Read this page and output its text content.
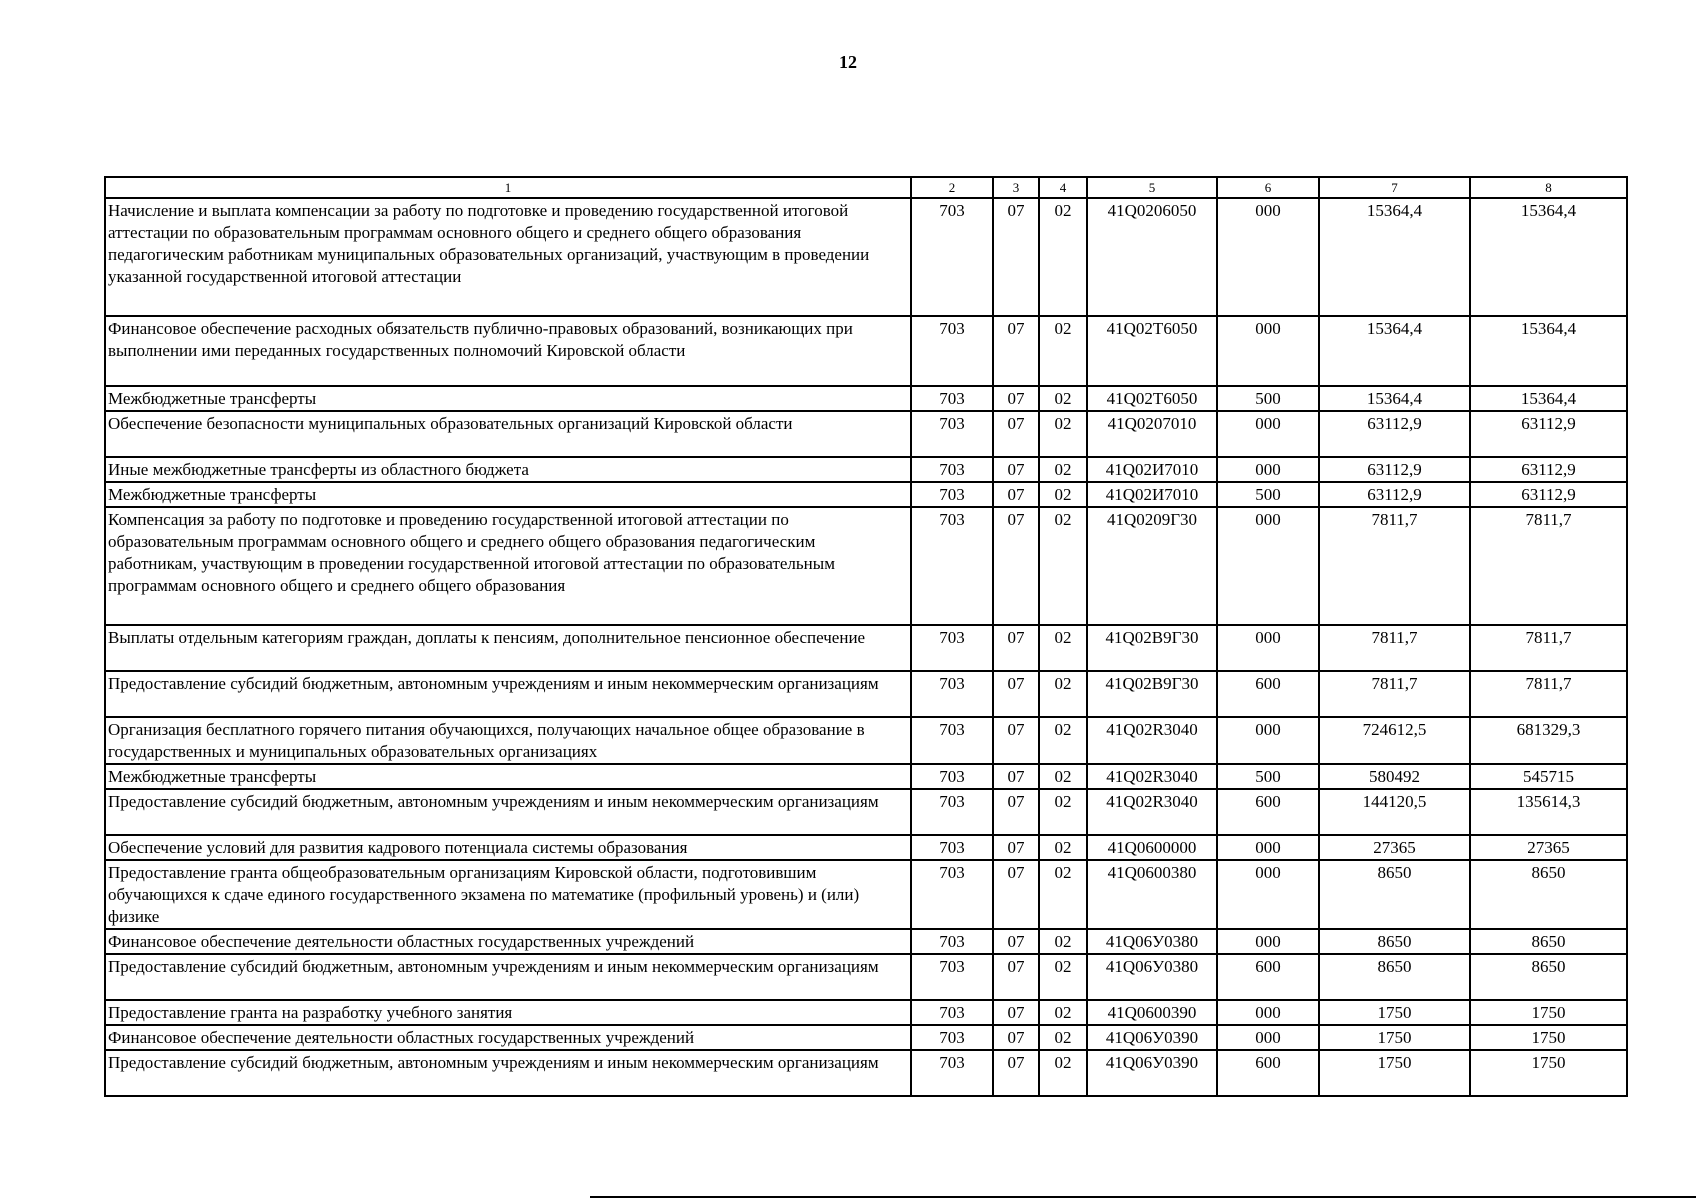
12
1	2	3	4	5	6	7	8
Начисление и выплата компенсации за работу по подготовке и проведению государственной итоговой аттестации по образовательным программам основного общего и среднего общего образования педагогическим работникам муниципальных образовательных организаций, участвующим в проведении указанной государственной итоговой аттестации	703	07	02	41Q0206050	000	15364,4	15364,4
Финансовое обеспечение расходных обязательств публично-правовых образований, возникающих при выполнении ими переданных государственных полномочий Кировской области	703	07	02	41Q02Т6050	000	15364,4	15364,4
Межбюджетные трансферты	703	07	02	41Q02Т6050	500	15364,4	15364,4
Обеспечение безопасности муниципальных образовательных организаций Кировской области	703	07	02	41Q0207010	000	63112,9	63112,9
Иные межбюджетные трансферты из областного бюджета	703	07	02	41Q02И7010	000	63112,9	63112,9
Межбюджетные трансферты	703	07	02	41Q02И7010	500	63112,9	63112,9
Компенсация за работу по подготовке и проведению государственной итоговой аттестации по образовательным программам основного общего и среднего общего образования педагогическим работникам, участвующим в проведении государственной итоговой аттестации по образовательным программам основного общего и среднего общего образования	703	07	02	41Q0209Г30	000	7811,7	7811,7
Выплаты отдельным категориям граждан, доплаты к пенсиям, дополнительное пенсионное обеспечение	703	07	02	41Q02В9Г30	000	7811,7	7811,7
Предоставление субсидий бюджетным, автономным учреждениям и иным некоммерческим организациям	703	07	02	41Q02В9Г30	600	7811,7	7811,7
Организация бесплатного горячего питания обучающихся, получающих начальное общее образование в государственных и муниципальных образовательных организациях	703	07	02	41Q02R3040	000	724612,5	681329,3
Межбюджетные трансферты	703	07	02	41Q02R3040	500	580492	545715
Предоставление субсидий бюджетным, автономным учреждениям и иным некоммерческим организациям	703	07	02	41Q02R3040	600	144120,5	135614,3
Обеспечение условий для развития кадрового потенциала системы образования	703	07	02	41Q0600000	000	27365	27365
Предоставление гранта общеобразовательным организациям Кировской области, подготовившим обучающихся к сдаче единого государственного экзамена по математике (профильный уровень) и (или) физике	703	07	02	41Q0600380	000	8650	8650
Финансовое обеспечение деятельности областных государственных учреждений	703	07	02	41Q06У0380	000	8650	8650
Предоставление субсидий бюджетным, автономным учреждениям и иным некоммерческим организациям	703	07	02	41Q06У0380	600	8650	8650
Предоставление гранта на разработку учебного занятия	703	07	02	41Q0600390	000	1750	1750
Финансовое обеспечение деятельности областных государственных учреждений	703	07	02	41Q06У0390	000	1750	1750
Предоставление субсидий бюджетным, автономным учреждениям и иным некоммерческим организациям	703	07	02	41Q06У0390	600	1750	1750
